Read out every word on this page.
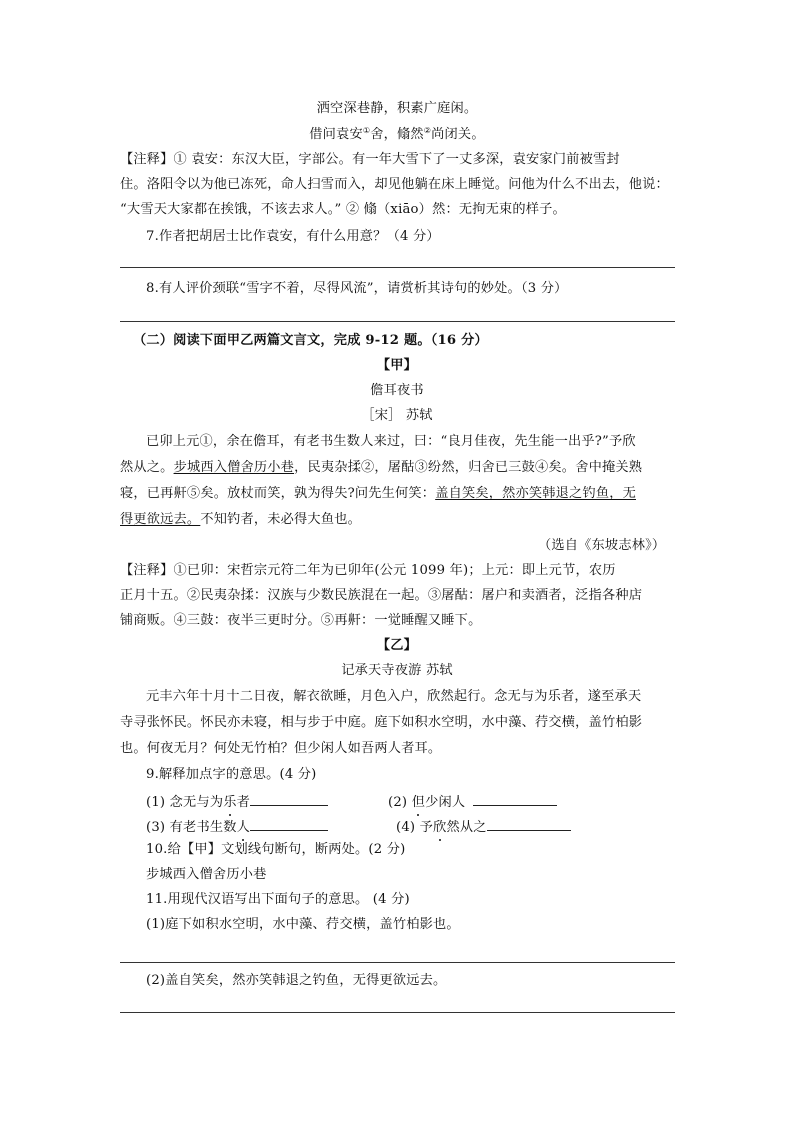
洒空深巷静，积素广庭闲。
借问袁安①舍，翛然②尚闭关。
【注释】① 袁安：东汉大臣，字部公。有一年大雪下了一丈多深，袁安家门前被雪封
住。洛阳令以为他已冻死，命人扫雪而入，却见他躺在床上睡觉。问他为什么不出去，他说：
“大雪天大家都在挨饿，不该去求人。” ② 翛（xiāo）然：无拘无束的样子。
7.作者把胡居士比作袁安，有什么用意？（4 分）
8.有人评价颈联“雪字不着，尽得风流”，请赏析其诗句的妙处。（3 分）
（二）阅读下面甲乙两篇文言文，完成 9-12 题。（16 分）
【甲】
儋耳夜书
［宋］ 苏轼
已卯上元①，余在儋耳，有老书生数人来过，曰：“良月佳夜，先生能一出乎?”予欣
然从之。步城西入僧舍历小巷，民夷杂揉②，屠酤③纷然，归舍已三鼓④矣。舍中掩关熟
寝，已再鼾⑤矣。放杖而笑，孰为得失?问先生何笑：盖自笑矣，然亦笑韩退之钓鱼，无
得更欲远去。不知钓者，未必得大鱼也。
（选自《东坡志林》）
【注释】①已卯：宋哲宗元符二年为已卯年(公元 1099 年)；上元：即上元节，农历
正月十五。②民夷杂揉：汉族与少数民族混在一起。③屠酤：屠户和卖酒者，泛指各种店
铺商贩。④三鼓：夜半三更时分。⑤再鼾：一觉睡醒又睡下。
【乙】
记承天寺夜游 苏轼
元丰六年十月十二日夜，解衣欲睡，月色入户，欣然起行。念无与为乐者，遂至承天
寺寻张怀民。怀民亦未寝，相与步于中庭。庭下如积水空明，水中藻、荇交横，盖竹柏影
也。何夜无月？何处无竹柏？但少闲人如吾两人者耳。
9.解释加点字的意思。(4 分)
(1) 念无与为乐者	(2) 但少闲人
(3) 有老书生数人	(4) 予欣然从之
10.给【甲】文划线句断句，断两处。(2 分)
步城西入僧舍历小巷
11.用现代汉语写出下面句子的意思。 (4 分)
(1)庭下如积水空明，水中藻、荇交横，盖竹柏影也。
(2)盖自笑矣，然亦笑韩退之钓鱼，无得更欲远去。
